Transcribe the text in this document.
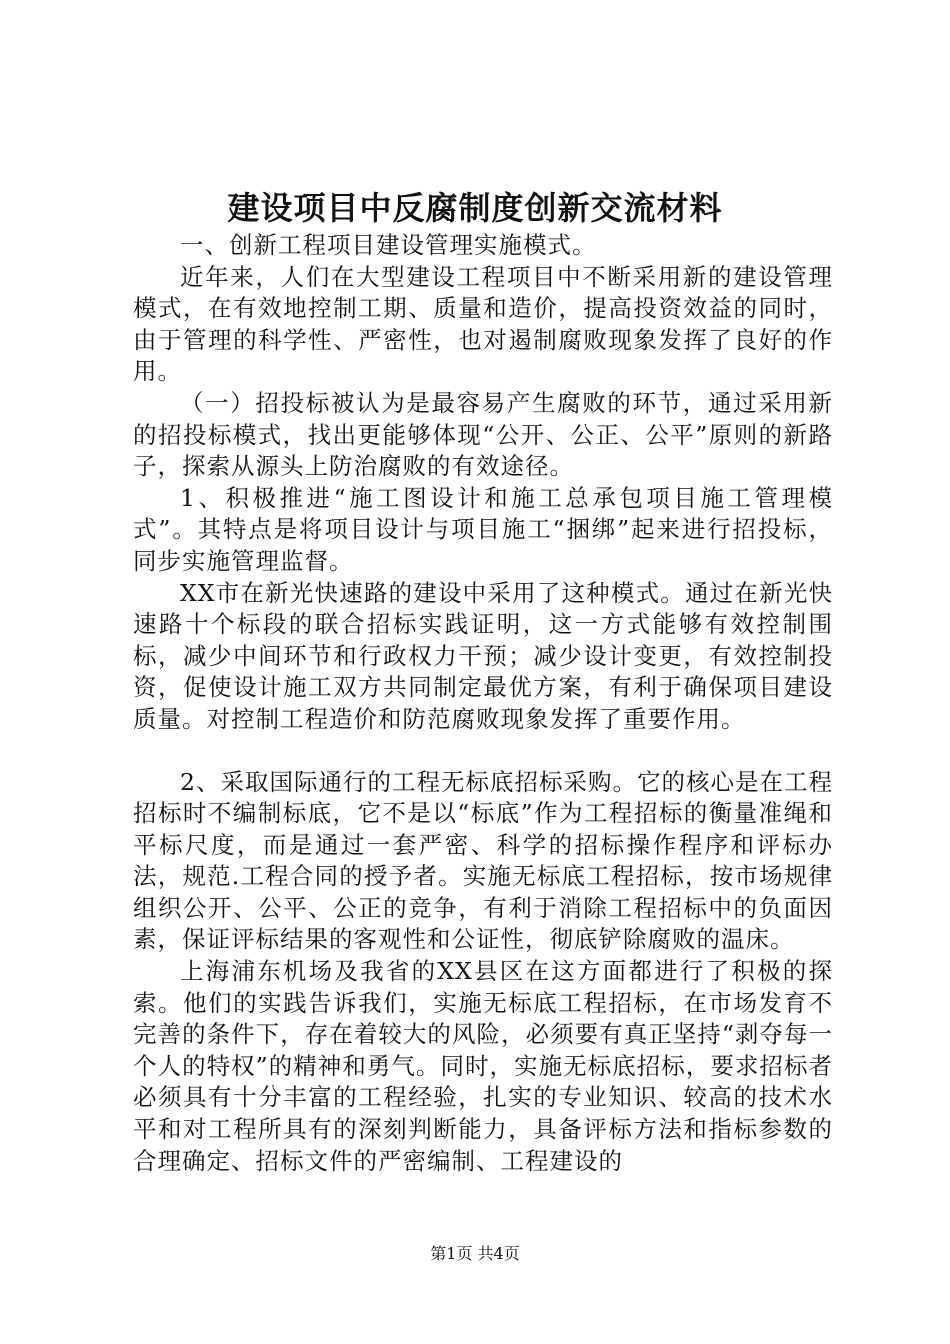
建设项目中反腐制度创新交流材料

一、创新工程项目建设管理实施模式。

近年来，人们在大型建设工程项目中不断采用新的建设管理模式，在有效地控制工期、质量和造价，提高投资效益的同时，由于管理的科学性、严密性，也对遏制腐败现象发挥了良好的作用。

（一）招投标被认为是最容易产生腐败的环节，通过采用新的招投标模式，找出更能够体现“公开、公正、公平”原则的新路子，探索从源头上防治腐败的有效途径。

1、积极推进“施工图设计和施工总承包项目施工管理模式”。其特点是将项目设计与项目施工“捆绑”起来进行招投标，同步实施管理监督。

XX市在新光快速路的建设中采用了这种模式。通过在新光快速路十个标段的联合招标实践证明，这一方式能够有效控制围标，减少中间环节和行政权力干预；减少设计变更，有效控制投资，促使设计施工双方共同制定最优方案，有利于确保项目建设质量。对控制工程造价和防范腐败现象发挥了重要作用。

2、采取国际通行的工程无标底招标采购。它的核心是在工程招标时不编制标底，它不是以“标底”作为工程招标的衡量准绳和平标尺度，而是通过一套严密、科学的招标操作程序和评标办法，规范.工程合同的授予者。实施无标底工程招标，按市场规律组织公开、公平、公正的竞争，有利于消除工程招标中的负面因素，保证评标结果的客观性和公证性，彻底铲除腐败的温床。

上海浦东机场及我省的XX县区在这方面都进行了积极的探索。他们的实践告诉我们，实施无标底工程招标，在市场发育不完善的条件下，存在着较大的风险，必须要有真正坚持“剥夺每一个人的特权”的精神和勇气。同时，实施无标底招标，要求招标者必须具有十分丰富的工程经验，扎实的专业知识、较高的技术水平和对工程所具有的深刻判断能力，具备评标方法和指标参数的合理确定、招标文件的严密编制、工程建设的

第1页 共4页
